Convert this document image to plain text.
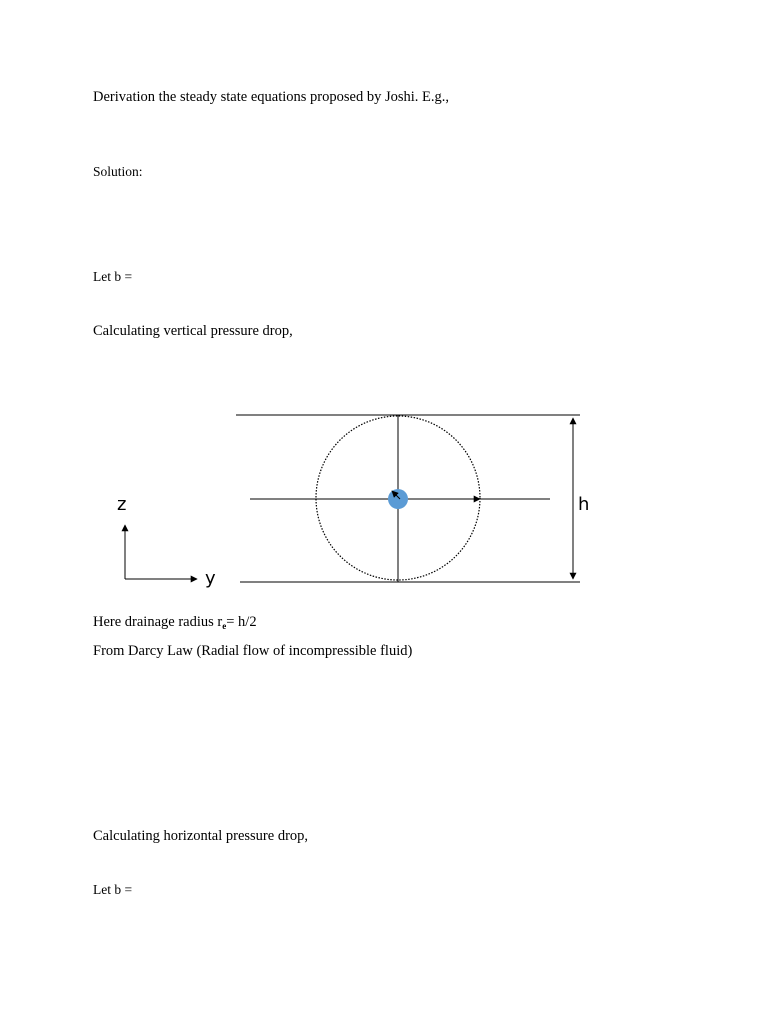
Derivation the steady state equations proposed by Joshi. E.g.,
Solution:
Let b =
Calculating vertical pressure drop,
h
z
y
Here drainage radius $r_e= h/2$
From Darcy Law (Radial flow of incompressible fluid)
Calculating horizontal pressure drop,
Let b =
